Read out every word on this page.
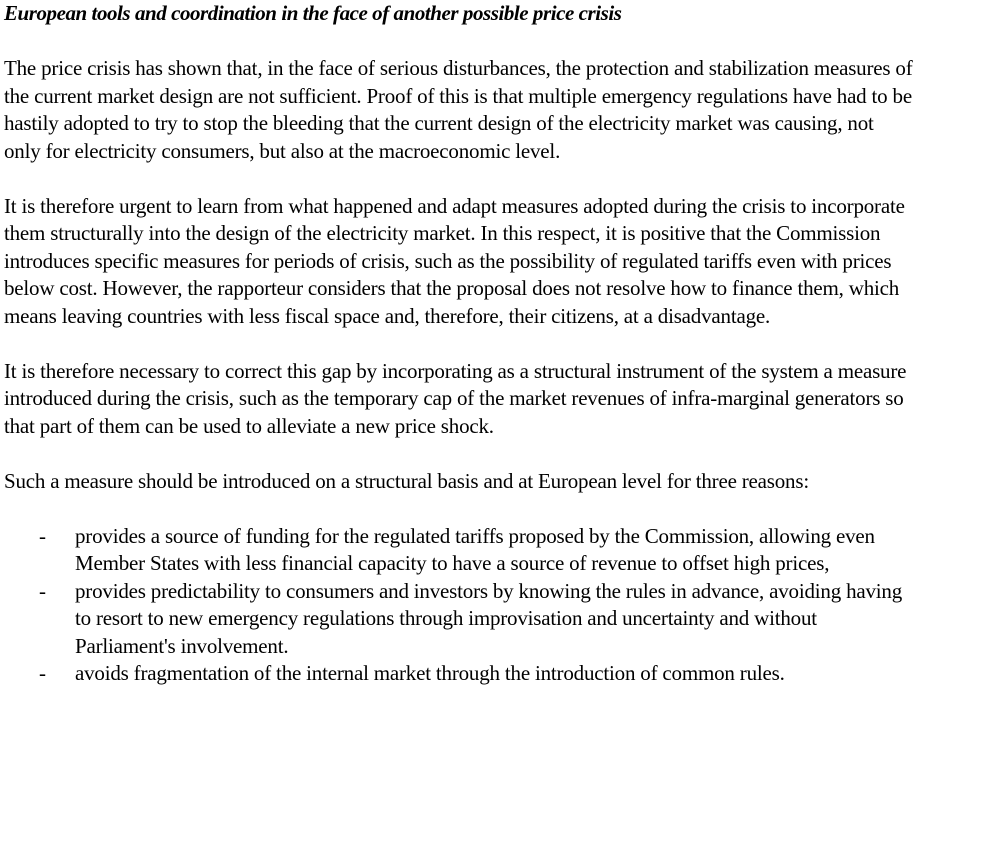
European tools and coordination in the face of another possible price crisis

The price crisis has shown that, in the face of serious disturbances, the protection and stabilization measures of the current market design are not sufficient. Proof of this is that multiple emergency regulations have had to be hastily adopted to try to stop the bleeding that the current design of the electricity market was causing, not only for electricity consumers, but also at the macroeconomic level.

It is therefore urgent to learn from what happened and adapt measures adopted during the crisis to incorporate them structurally into the design of the electricity market. In this respect, it is positive that the Commission introduces specific measures for periods of crisis, such as the possibility of regulated tariffs even with prices below cost. However, the rapporteur considers that the proposal does not resolve how to finance them, which means leaving countries with less fiscal space and, therefore, their citizens, at a disadvantage.

It is therefore necessary to correct this gap by incorporating as a structural instrument of the system a measure introduced during the crisis, such as the temporary cap of the market revenues of infra-marginal generators so that part of them can be used to alleviate a new price shock.

Such a measure should be introduced on a structural basis and at European level for three reasons:

- provides a source of funding for the regulated tariffs proposed by the Commission, allowing even Member States with less financial capacity to have a source of revenue to offset high prices,
- provides predictability to consumers and investors by knowing the rules in advance, avoiding having to resort to new emergency regulations through improvisation and uncertainty and without Parliament's involvement.
- avoids fragmentation of the internal market through the introduction of common rules.
